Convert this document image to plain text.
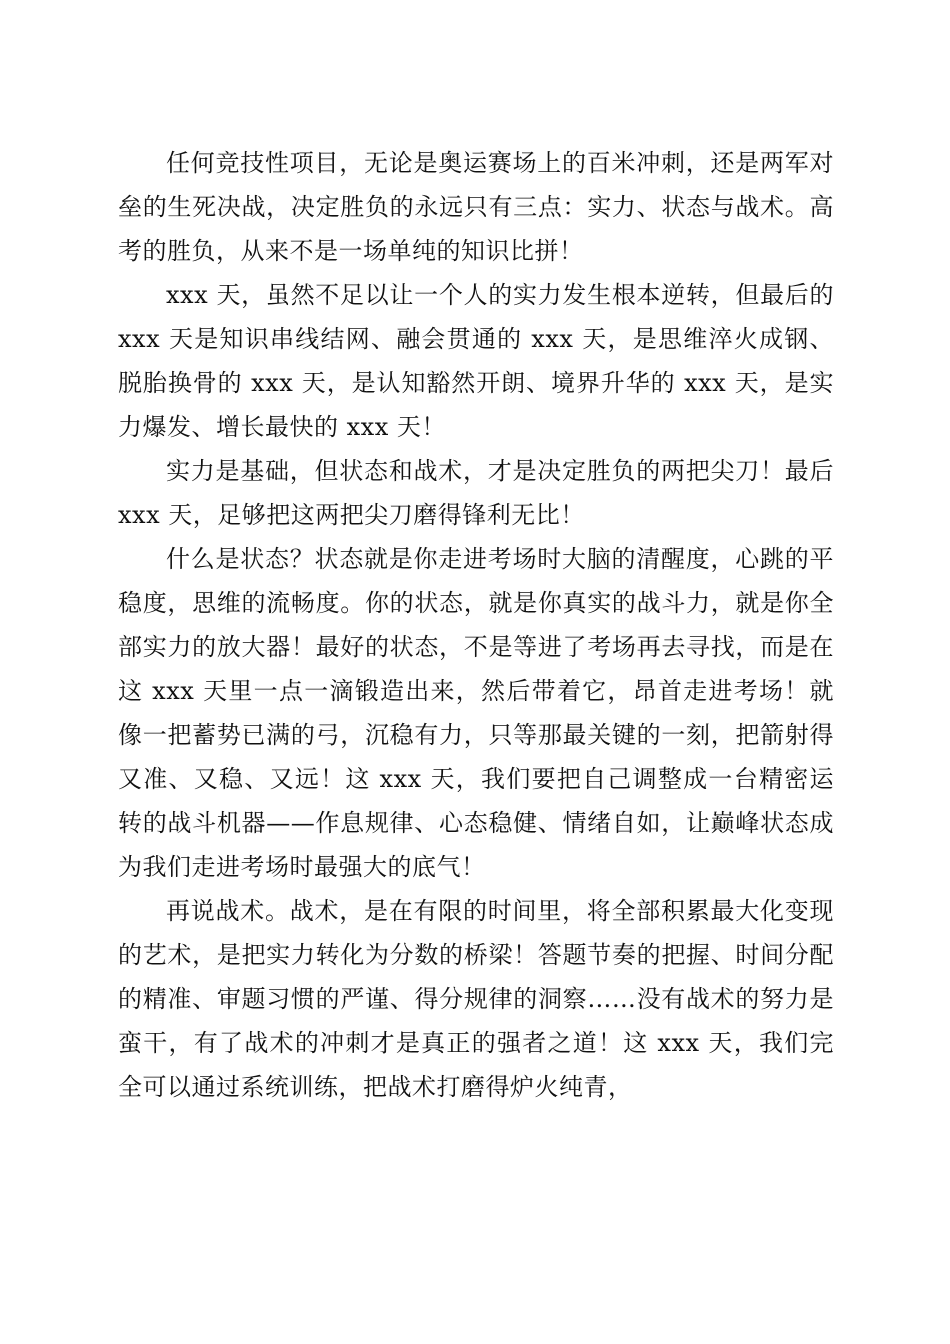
任何竞技性项目，无论是奥运赛场上的百米冲刺，还是两军对垒的生死决战，决定胜负的永远只有三点：实力、状态与战术。高考的胜负，从来不是一场单纯的知识比拼！

xxx 天，虽然不足以让一个人的实力发生根本逆转，但最后的 xxx 天是知识串线结网、融会贯通的 xxx 天，是思维淬火成钢、脱胎换骨的 xxx 天，是认知豁然开朗、境界升华的 xxx 天，是实力爆发、增长最快的 xxx 天！

实力是基础，但状态和战术，才是决定胜负的两把尖刀！最后 xxx 天，足够把这两把尖刀磨得锋利无比！

什么是状态？状态就是你走进考场时大脑的清醒度，心跳的平稳度，思维的流畅度。你的状态，就是你真实的战斗力，就是你全部实力的放大器！最好的状态，不是等进了考场再去寻找，而是在这 xxx 天里一点一滴锻造出来，然后带着它，昂首走进考场！就像一把蓄势已满的弓，沉稳有力，只等那最关键的一刻，把箭射得又准、又稳、又远！这 xxx 天，我们要把自己调整成一台精密运转的战斗机器——作息规律、心态稳健、情绪自如，让巅峰状态成为我们走进考场时最强大的底气！

再说战术。战术，是在有限的时间里，将全部积累最大化变现的艺术，是把实力转化为分数的桥梁！答题节奏的把握、时间分配的精准、审题习惯的严谨、得分规律的洞察……没有战术的努力是蛮干，有了战术的冲刺才是真正的强者之道！这 xxx 天，我们完全可以通过系统训练，把战术打磨得炉火纯青，
